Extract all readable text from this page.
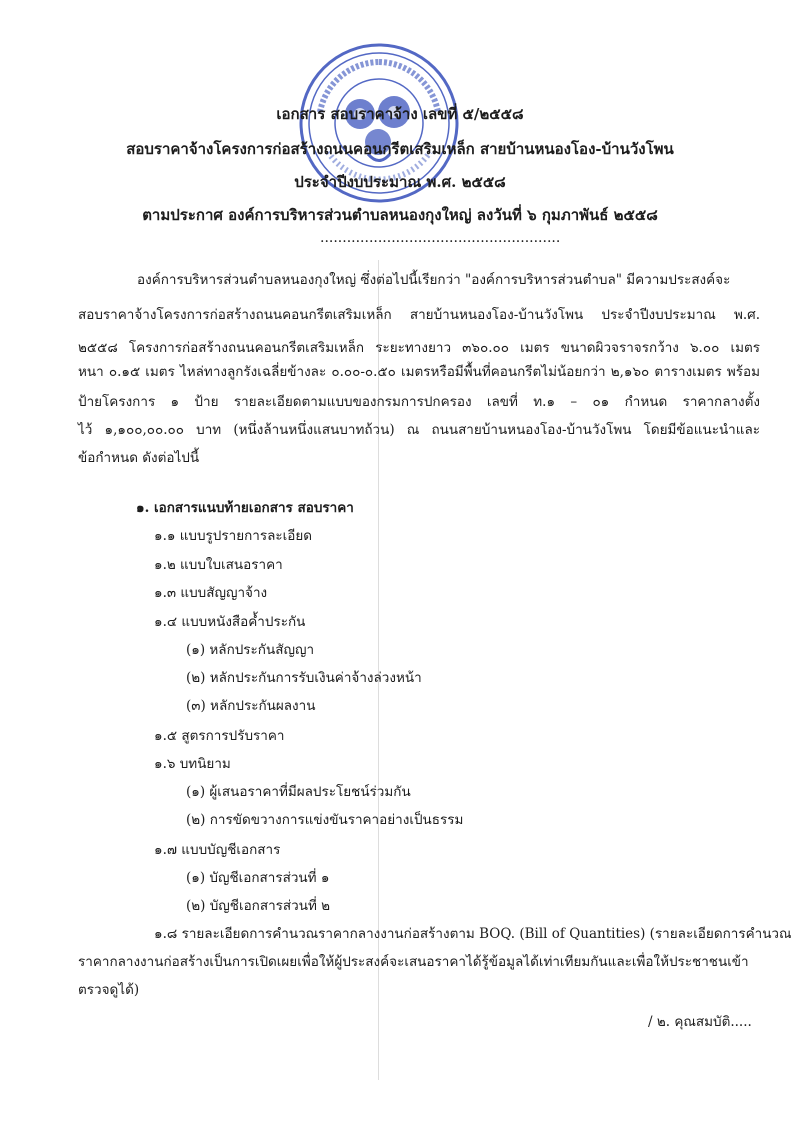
เอกสาร สอบราคาจ้าง เลขที่ ๕/๒๕๕๘
สอบราคาจ้างโครงการก่อสร้างถนนคอนกรีตเสริมเหล็ก สายบ้านหนองโอง-บ้านวังโพน
ประจำปีงบประมาณ พ.ศ. ๒๕๕๘
ตามประกาศ องค์การบริหารส่วนตำบลหนองกุงใหญ่ ลงวันที่ ๖ กุมภาพันธ์ ๒๕๕๘
......................................................
องค์การบริหารส่วนตำบลหนองกุงใหญ่ ซึ่งต่อไปนี้เรียกว่า "องค์การบริหารส่วนตำบล" มีความประสงค์จะ
สอบราคาจ้างโครงการก่อสร้างถนนคอนกรีตเสริมเหล็ก สายบ้านหนองโอง-บ้านวังโพน ประจำปีงบประมาณ พ.ศ.
๒๕๕๘ โครงการก่อสร้างถนนคอนกรีตเสริมเหล็ก ระยะทางยาว ๓๖๐.๐๐ เมตร ขนาดผิวจราจรกว้าง ๖.๐๐ เมตร
หนา ๐.๑๕ เมตร ไหล่ทางลูกรังเฉลี่ยข้างละ ๐.๐๐-๐.๕๐ เมตรหรือมีพื้นที่คอนกรีตไม่น้อยกว่า ๒,๑๖๐ ตารางเมตร พร้อม
ป้ายโครงการ ๑ ป้าย รายละเอียดตามแบบของกรมการปกครอง เลขที่ ท.๑ – ๐๑ กำหนด ราคากลางตั้ง
ไว้ ๑,๑๐๐,๐๐.๐๐ บาท (หนึ่งล้านหนึ่งแสนบาทถ้วน) ณ ถนนสายบ้านหนองโอง-บ้านวังโพน โดยมีข้อแนะนำและ
ข้อกำหนด ดังต่อไปนี้
๑. เอกสารแนบท้ายเอกสาร สอบราคา
๑.๑ แบบรูปรายการละเอียด
๑.๒ แบบใบเสนอราคา
๑.๓ แบบสัญญาจ้าง
๑.๔ แบบหนังสือค้ำประกัน
(๑) หลักประกันสัญญา
(๒) หลักประกันการรับเงินค่าจ้างล่วงหน้า
(๓) หลักประกันผลงาน
๑.๕ สูตรการปรับราคา
๑.๖ บทนิยาม
(๑) ผู้เสนอราคาที่มีผลประโยชน์ร่วมกัน
(๒) การขัดขวางการแข่งขันราคาอย่างเป็นธรรม
๑.๗ แบบบัญชีเอกสาร
(๑) บัญชีเอกสารส่วนที่ ๑
(๒) บัญชีเอกสารส่วนที่ ๒
๑.๘ รายละเอียดการคำนวณราคากลางงานก่อสร้างตาม BOQ. (Bill of Quantities) (รายละเอียดการคำนวณ
ราคากลางงานก่อสร้างเป็นการเปิดเผยเพื่อให้ผู้ประสงค์จะเสนอราคาได้รู้ข้อมูลได้เท่าเทียมกันและเพื่อให้ประชาชนเข้า
ตรวจดูได้)
/ ๒. คุณสมบัติ.....
